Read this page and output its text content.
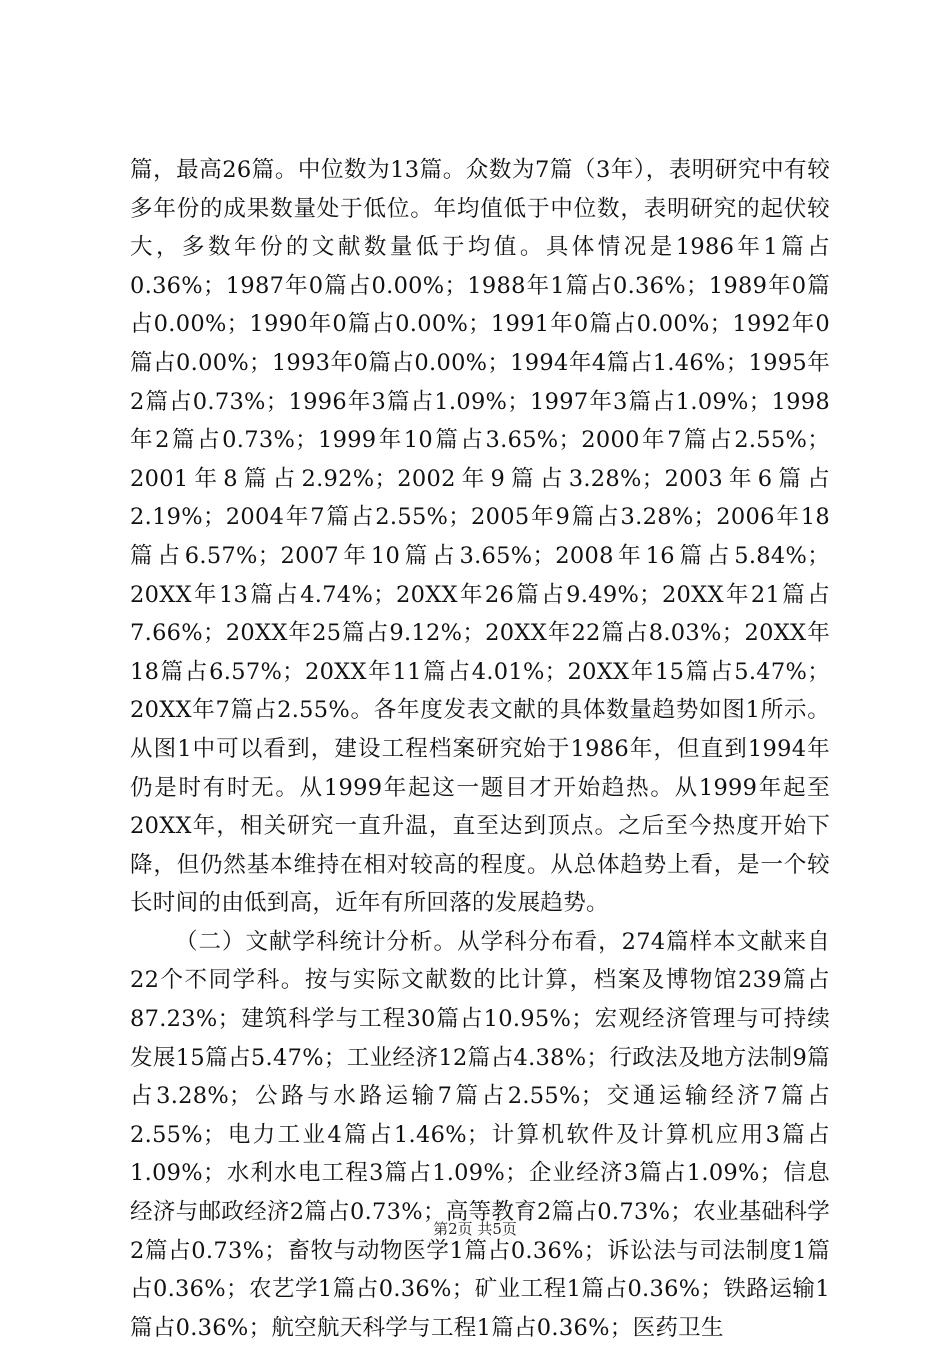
篇，最高26篇。中位数为13篇。众数为7篇（3年），表明研究中有较多年份的成果数量处于低位。年均值低于中位数，表明研究的起伏较大，多数年份的文献数量低于均值。具体情况是1986年1篇占0.36%；1987年0篇占0.00%；1988年1篇占0.36%；1989年0篇占0.00%；1990年0篇占0.00%；1991年0篇占0.00%；1992年0篇占0.00%；1993年0篇占0.00%；1994年4篇占1.46%；1995年2篇占0.73%；1996年3篇占1.09%；1997年3篇占1.09%；1998年2篇占0.73%；1999年10篇占3.65%；2000年7篇占2.55%；2001年8篇占2.92%；2002年9篇占3.28%；2003年6篇占2.19%；2004年7篇占2.55%；2005年9篇占3.28%；2006年18篇占6.57%；2007年10篇占3.65%；2008年16篇占5.84%；20XX年13篇占4.74%；20XX年26篇占9.49%；20XX年21篇占7.66%；20XX年25篇占9.12%；20XX年22篇占8.03%；20XX年18篇占6.57%；20XX年11篇占4.01%；20XX年15篇占5.47%；20XX年7篇占2.55%。各年度发表文献的具体数量趋势如图1所示。从图1中可以看到，建设工程档案研究始于1986年，但直到1994年仍是时有时无。从1999年起这一题目才开始趋热。从1999年起至20XX年，相关研究一直升温，直至达到顶点。之后至今热度开始下降，但仍然基本维持在相对较高的程度。从总体趋势上看，是一个较长时间的由低到高，近年有所回落的发展趋势。

（二）文献学科统计分析。从学科分布看，274篇样本文献来自22个不同学科。按与实际文献数的比计算，档案及博物馆239篇占87.23%；建筑科学与工程30篇占10.95%；宏观经济管理与可持续发展15篇占5.47%；工业经济12篇占4.38%；行政法及地方法制9篇占3.28%；公路与水路运输7篇占2.55%；交通运输经济7篇占2.55%；电力工业4篇占1.46%；计算机软件及计算机应用3篇占1.09%；水利水电工程3篇占1.09%；企业经济3篇占1.09%；信息经济与邮政经济2篇占0.73%；高等教育2篇占0.73%；农业基础科学2篇占0.73%；畜牧与动物医学1篇占0.36%；诉讼法与司法制度1篇占0.36%；农艺学1篇占0.36%；矿业工程1篇占0.36%；铁路运输1篇占0.36%；航空航天科学与工程1篇占0.36%；医药卫生

第2页 共5页
